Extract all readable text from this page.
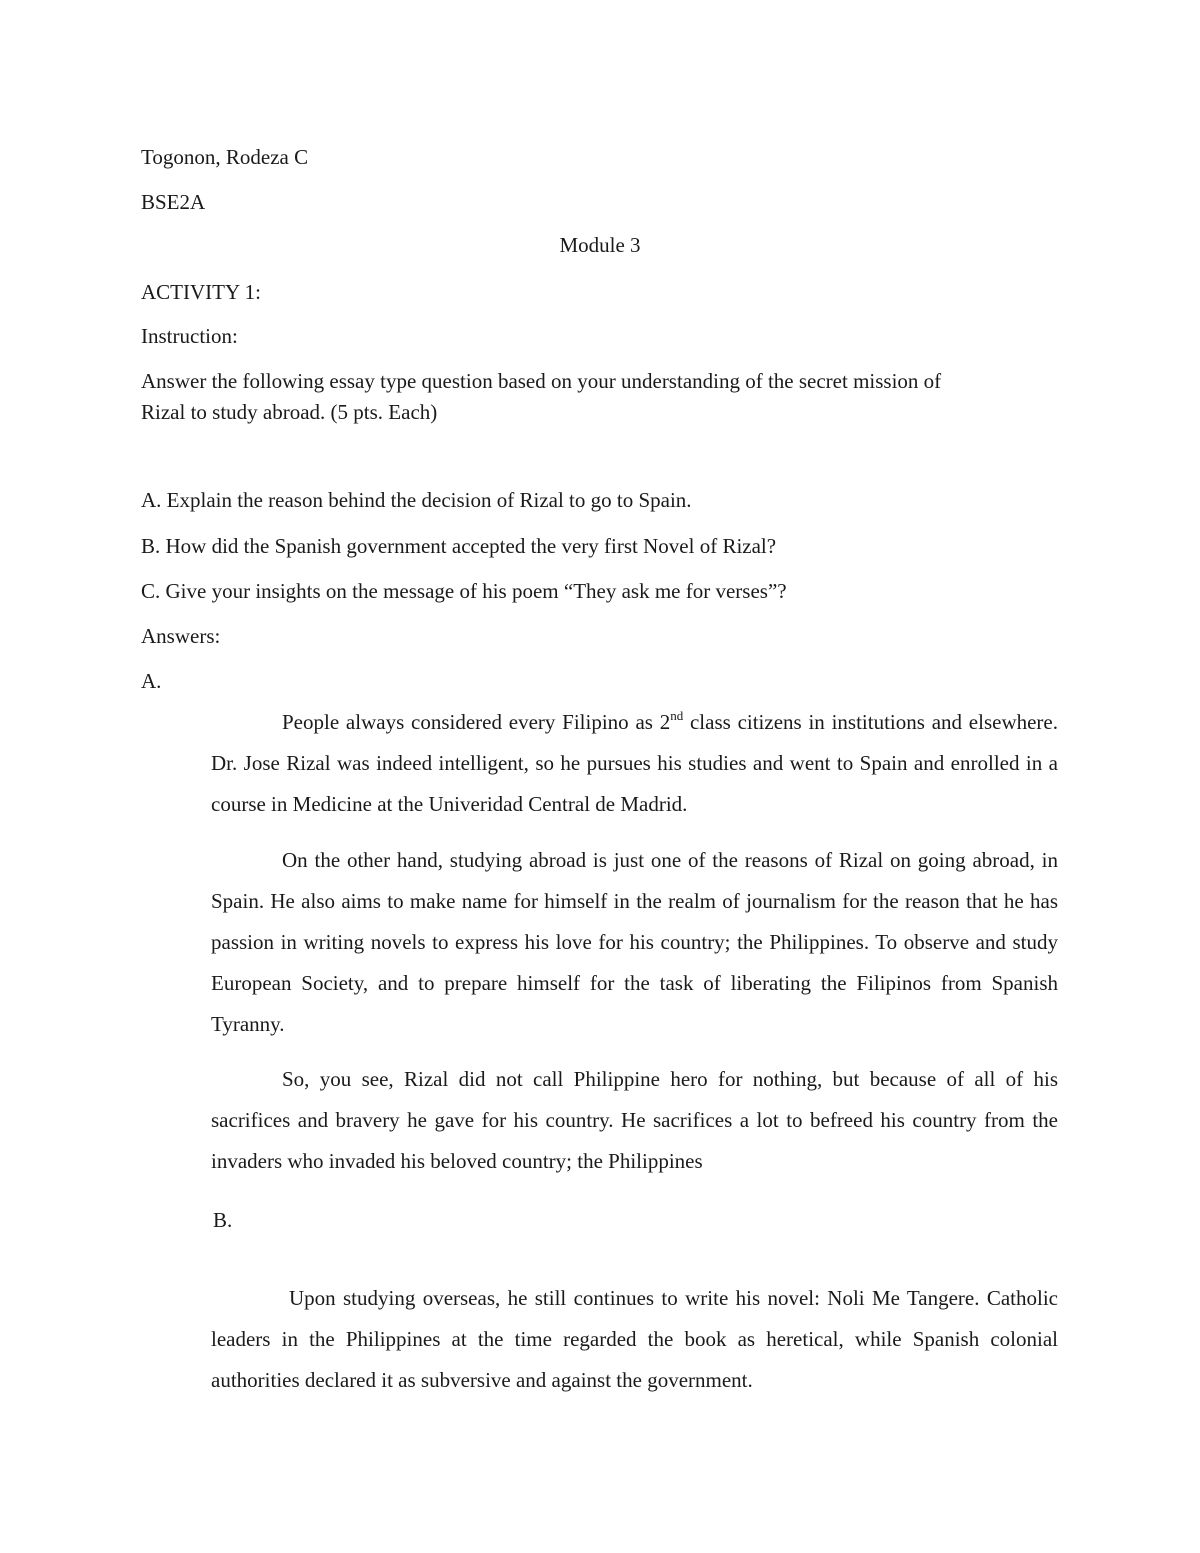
Togonon, Rodeza C
BSE2A
Module 3
ACTIVITY 1:
Instruction:
Answer the following essay type question based on your understanding of the secret mission of
Rizal to study abroad. (5 pts. Each)
A. Explain the reason behind the decision of Rizal to go to Spain.
B. How did the Spanish government accepted the very first Novel of Rizal?
C. Give your insights on the message of his poem “They ask me for verses”?
Answers:
A.

People always considered every Filipino as 2nd class citizens in institutions and elsewhere. Dr. Jose Rizal was indeed intelligent, so he pursues his studies and went to Spain and enrolled in a course in Medicine at the Univeridad Central de Madrid.

On the other hand, studying abroad is just one of the reasons of Rizal on going abroad, in Spain. He also aims to make name for himself in the realm of journalism for the reason that he has passion in writing novels to express his love for his country; the Philippines. To observe and study European Society, and to prepare himself for the task of liberating the Filipinos from Spanish Tyranny.

So, you see, Rizal did not call Philippine hero for nothing, but because of all of his sacrifices and bravery he gave for his country. He sacrifices a lot to befreed his country from the invaders who invaded his beloved country; the Philippines

B.

Upon studying overseas, he still continues to write his novel: Noli Me Tangere. Catholic leaders in the Philippines at the time regarded the book as heretical, while Spanish colonial authorities declared it as subversive and against the government.
